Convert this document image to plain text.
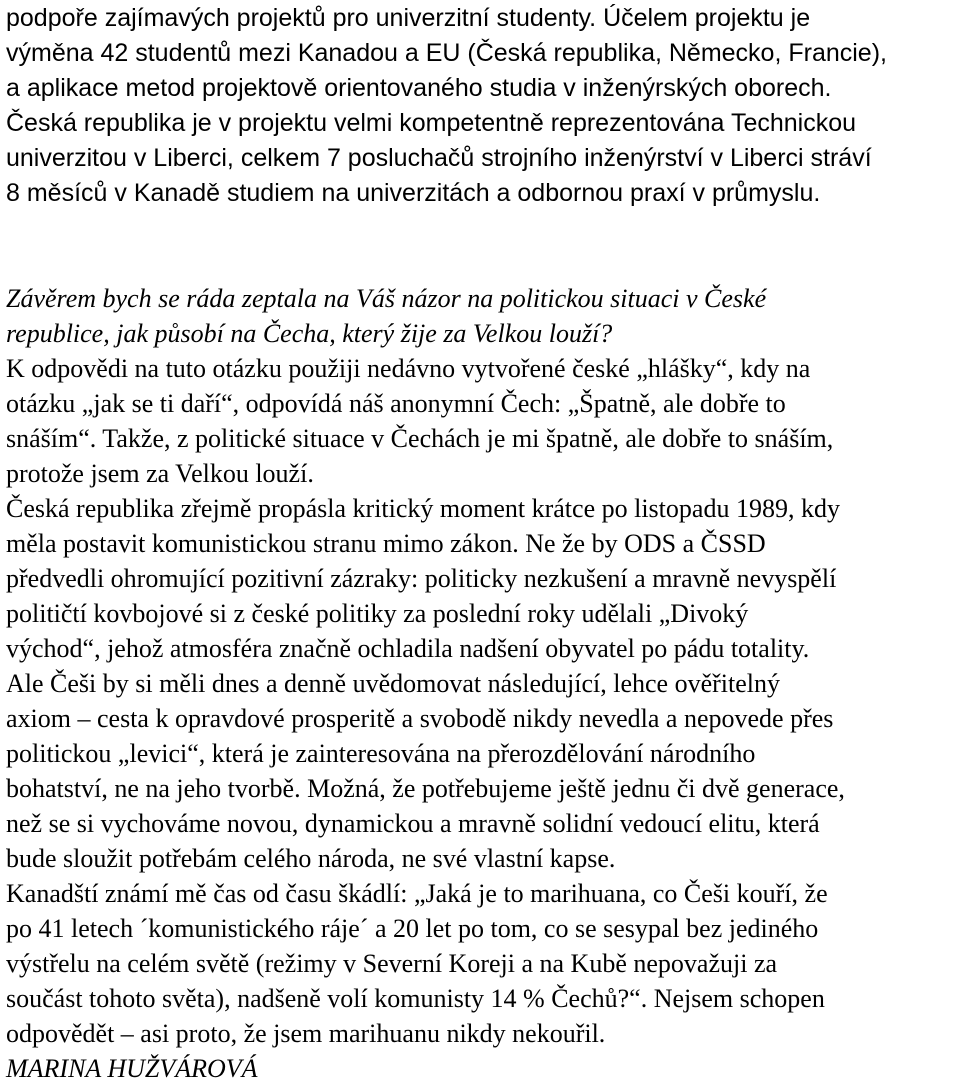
podpoře zajímavých projektů pro univerzitní studenty. Účelem projektu je
výměna 42 studentů mezi Kanadou a EU (Česká republika, Německo, Francie),
a aplikace metod projektově orientovaného studia v inženýrských oborech.
Česká republika je v projektu velmi kompetentně reprezentována Technickou
univerzitou v Liberci, celkem 7 posluchačů strojního inženýrství v Liberci stráví
8 měsíců v Kanadě studiem na univerzitách a odbornou praxí v průmyslu.
Závěrem bych se ráda zeptala na Váš názor na politickou situaci v České
republice, jak působí na Čecha, který žije za Velkou louží?
K odpovědi na tuto otázku použiji nedávno vytvořené české „hlášky“, kdy na
otázku „jak se ti daří“, odpovídá náš anonymní Čech: „Špatně, ale dobře to
snáším“. Takže, z politické situace v Čechách je mi špatně, ale dobře to snáším,
protože jsem za Velkou louží.
Česká republika zřejmě propásla kritický moment krátce po listopadu 1989, kdy
měla postavit komunistickou stranu mimo zákon. Ne že by ODS a ČSSD
předvedli ohromující pozitivní zázraky: politicky nezkušení a mravně nevyspělí
političtí kovbojové si z české politiky za poslední roky udělali „Divoký
východ“, jehož atmosféra značně ochladila nadšení obyvatel po pádu totality.
Ale Češi by si měli dnes a denně uvědomovat následující, lehce ověřitelný
axiom – cesta k opravdové prosperitě a svobodě nikdy nevedla a nepovede přes
politickou „levici“, která je zainteresována na přerozdělování národního
bohatství, ne na jeho tvorbě. Možná, že potřebujeme ještě jednu či dvě generace,
než se si vychováme novou, dynamickou a mravně solidní vedoucí elitu, která
bude sloužit potřebám celého národa, ne své vlastní kapse.
Kanadští známí mě čas od času škádlí: „Jaká je to marihuana, co Češi kouří, že
po 41 letech ´komunistického ráje´ a 20 let po tom, co se sesypal bez jediného
výstřelu na celém světě (režimy v Severní Koreji a na Kubě nepovažuji za
součást tohoto světa), nadšeně volí komunisty 14 % Čechů?“. Nejsem schopen
odpovědět – asi proto, že jsem marihuanu nikdy nekouřil.
MARINA HUŽVÁROVÁ
